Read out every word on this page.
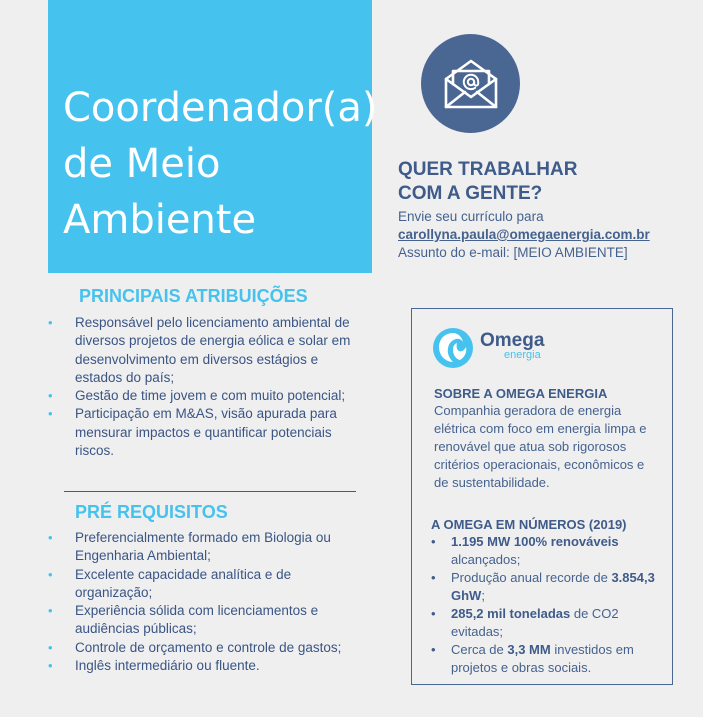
Coordenador(a)
de Meio
Ambiente
QUER TRABALHAR
COM A GENTE?
Envie seu currículo para
carollyna.paula@omegaenergia.com.br
Assunto do e-mail: [MEIO AMBIENTE]
PRINCIPAIS ATRIBUIÇÕES
• Responsável pelo licenciamento ambiental de diversos projetos de energia eólica e solar em desenvolvimento em diversos estágios e estados do país;
• Gestão de time jovem e com muito potencial;
• Participação em M&AS, visão apurada para mensurar impactos e quantificar potenciais riscos.
PRÉ REQUISITOS
• Preferencialmente formado em Biologia ou Engenharia Ambiental;
• Excelente capacidade analítica e de organização;
• Experiência sólida com licenciamentos e audiências públicas;
• Controle de orçamento e controle de gastos;
• Inglês intermediário ou fluente.
Omega
energia
SOBRE A OMEGA ENERGIA
Companhia geradora de energia elétrica com foco em energia limpa e renovável que atua sob rigorosos critérios operacionais, econômicos e de sustentabilidade.
A OMEGA EM NÚMEROS (2019)
• 1.195 MW 100% renováveis alcançados;
• Produção anual recorde de 3.854,3 GhW;
• 285,2 mil toneladas de CO2 evitadas;
• Cerca de 3,3 MM investidos em projetos e obras sociais.
